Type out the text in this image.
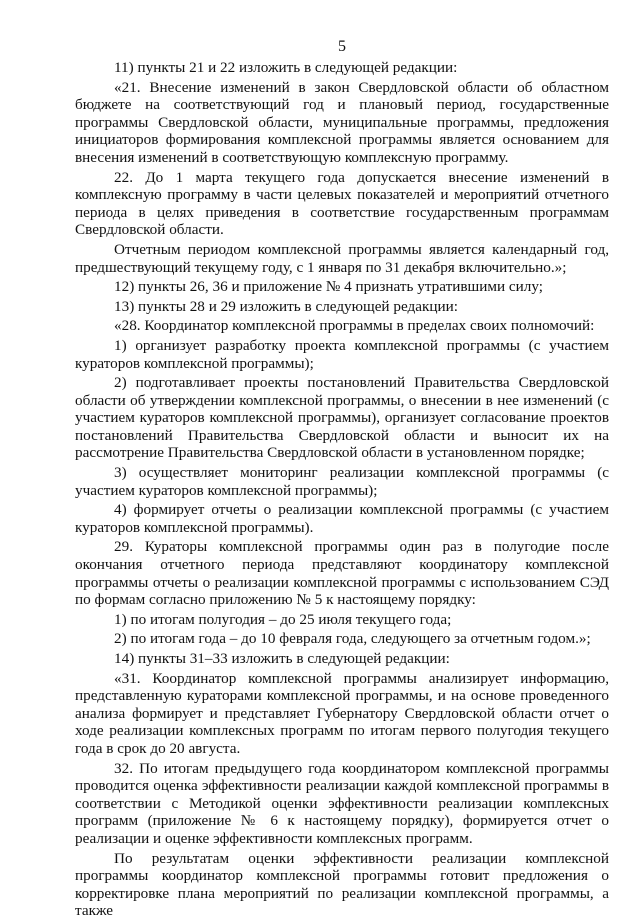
5

11) пункты 21 и 22 изложить в следующей редакции:

«21. Внесение изменений в закон Свердловской области об областном бюджете на соответствующий год и плановый период, государственные программы Свердловской области, муниципальные программы, предложения инициаторов формирования комплексной программы является основанием для внесения изменений в соответствующую комплексную программу.

22. До 1 марта текущего года допускается внесение изменений в комплексную программу в части целевых показателей и мероприятий отчетного периода в целях приведения в соответствие государственным программам Свердловской области.

Отчетным периодом комплексной программы является календарный год, предшествующий текущему году, с 1 января по 31 декабря включительно.»;

12) пункты 26, 36 и приложение № 4 признать утратившими силу;

13) пункты 28 и 29 изложить в следующей редакции:

«28. Координатор комплексной программы в пределах своих полномочий:

1) организует разработку проекта комплексной программы (с участием кураторов комплексной программы);

2) подготавливает проекты постановлений Правительства Свердловской области об утверждении комплексной программы, о внесении в нее изменений (с участием кураторов комплексной программы), организует согласование проектов постановлений Правительства Свердловской области и выносит их на рассмотрение Правительства Свердловской области в установленном порядке;

3) осуществляет мониторинг реализации комплексной программы (с участием кураторов комплексной программы);

4) формирует отчеты о реализации комплексной программы (с участием кураторов комплексной программы).

29. Кураторы комплексной программы один раз в полугодие после окончания отчетного периода представляют координатору комплексной программы отчеты о реализации комплексной программы с использованием СЭД по формам согласно приложению № 5 к настоящему порядку:

1) по итогам полугодия – до 25 июля текущего года;

2) по итогам года – до 10 февраля года, следующего за отчетным годом.»;

14) пункты 31–33 изложить в следующей редакции:

«31. Координатор комплексной программы анализирует информацию, представленную кураторами комплексной программы, и на основе проведенного анализа формирует и представляет Губернатору Свердловской области отчет о ходе реализации комплексных программ по итогам первого полугодия текущего года в срок до 20 августа.

32. По итогам предыдущего года координатором комплексной программы проводится оценка эффективности реализации каждой комплексной программы в соответствии с Методикой оценки эффективности реализации комплексных программ (приложение № 6 к настоящему порядку), формируется отчет о реализации и оценке эффективности комплексных программ.

По результатам оценки эффективности реализации комплексной программы координатор комплексной программы готовит предложения о корректировке плана мероприятий по реализации комплексной программы, а также
